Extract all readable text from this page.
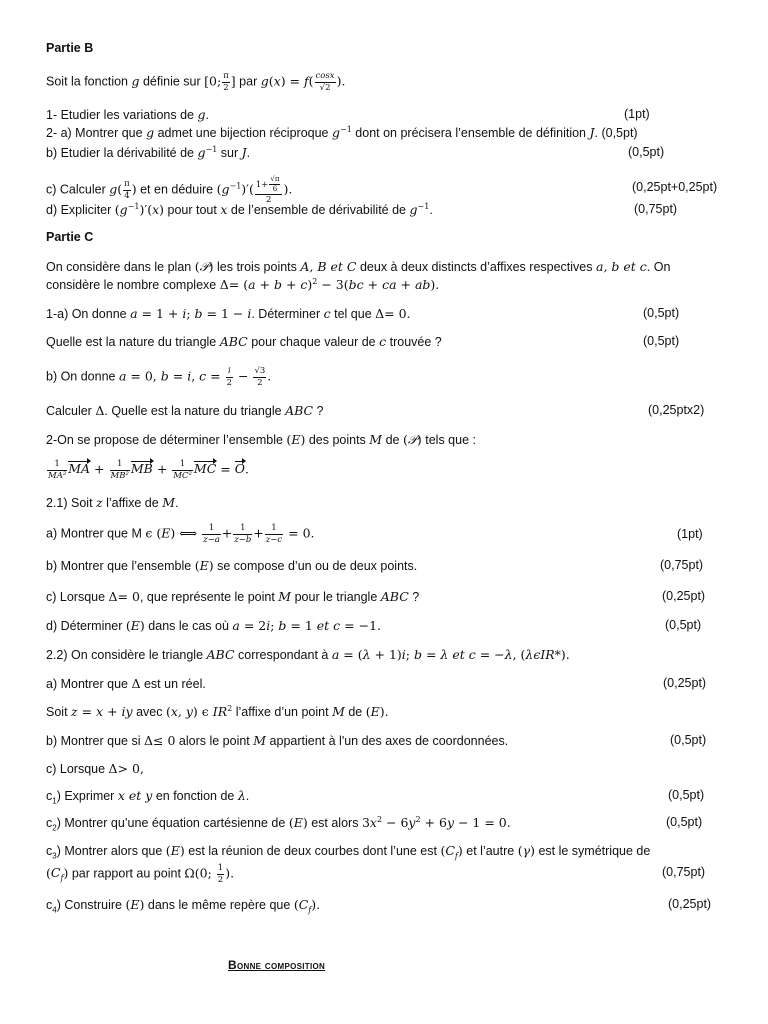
Partie B
Soit la fonction g définie sur [0; $\frac{\pi}{2}$ ] par $g(x) = f( \frac{\cos x}{√2}$ ).
1- Etudier les variations de g.	(1pt)
2- a) Montrer que g admet une bijection réciproque $g^{-1}$ dont on précisera l’ensemble de définition J. (0,5pt)
b) Etudier la dérivabilité de $g^{-1}$ sur J.	(0,5pt)
c) Calculer $g( \frac{\pi}{4}$ ) et en déduire $(g^{-1})'( \frac{1+ \frac{√\pi}{6}}{2}$ ).	(0,25pt+0,25pt)
d) Expliciter $(g^{-1})'(x)$ pour tout x de l’ensemble de dérivabilité de $g^{-1}$.	(0,75pt)
Partie C
On considère dans le plan (𝒫) les trois points A, B et C deux à deux distincts d’affixes respectives a, b et c. On
considère le nombre complexe $\Delta= (a + b + c)^2 - 3(bc$ + ca + ab).
1-a) On donne a = 1 + i; b = 1 − i. Déterminer c tel que Δ= 0.	(0,5pt)
Quelle est la nature du triangle ABC pour chaque valeur de c trouvée ?	(0,5pt)
b) On donne a = 0, b = i, $c = \frac{i}{2} - \frac{√3}{2}$ .
Calculer Δ. Quelle est la nature du triangle ABC ?	(0,25ptx2)
2-On se propose de déterminer l’ensemble (E) des points M de (𝒫) tels que :
$\frac{1}{\text{MA²}}$ MA + $\frac{1}{\text{MB²}}$ MB + $\frac{1}{\text{MC²}}$ MC = O.
2.1) Soit z l’affixe de M.
a) Montrer que M ϵ (E) ⟺ $\frac{1}{z-a} + \frac{1}{z-b} + \frac{1}{z-c} = 0$.	(1pt)
b) Montrer que l’ensemble (E) se compose d’un ou de deux points.	(0,75pt)
c) Lorsque Δ= 0, que représente le point M pour le triangle ABC ?	(0,25pt)
d) Déterminer (E) dans le cas où a = 2i; b = 1 et c = −1.	(0,5pt)
2.2) On considère le triangle ABC correspondant à a = (λ + 1)i; b = λ et c = −λ, (λϵIR*).
a) Montrer que Δ est un réel.	(0,25pt)
Soit z = x + iy avec (x, y) ϵ $IR^2$ l’affixe d’un point M de (E).
b) Montrer que si Δ≤ 0 alors le point M appartient à l'un des axes de coordonnées.	(0,5pt)
c) Lorsque Δ> 0,
$c_1$) Exprimer x et y en fonction de λ.	(0,5pt)
$c_2$) Montrer qu’une équation cartésienne de (E) est alors $3x^2 - 6y^2 + 6y - 1 = 0$.	(0,5pt)
$c_3$) Montrer alors que (E) est la réunion de deux courbes dont l’une est $(C_f)$ et l’autre (γ) est le symétrique de
$(C_f)$ par rapport au point Ω(0; $\frac{1}{2}$ ).	(0,75pt)
$c_4$) Construire (E) dans le même repère que $(C_f)$.	(0,25pt)
Bonne composition
